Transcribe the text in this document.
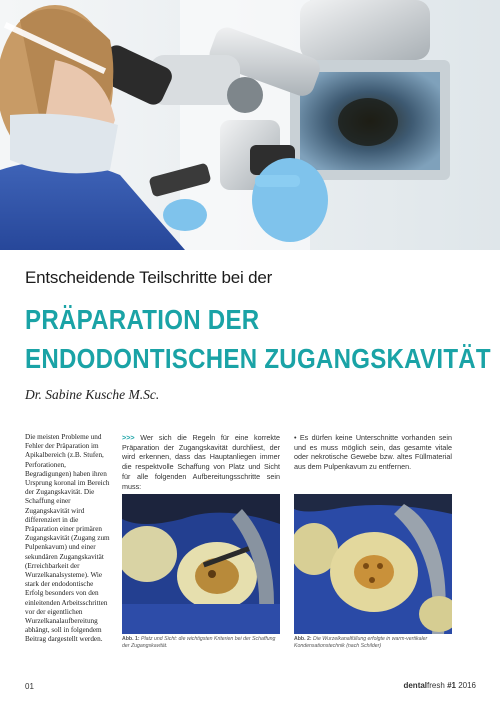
Entscheidende Teilschritte bei der
PRÄPARATION DER
ENDODONTISCHEN ZUGANGSKAVITÄT
Dr. Sabine Kusche M.Sc.
Die meisten Probleme und Fehler der Präparation im Apikalbereich (z.B. Stufen, Perforationen, Begradigungen) haben ihren Ursprung koronal im Bereich der Zugangskavität. Die Schaffung einer Zugangskavität wird differenziert in die Präparation einer primären Zugangskavität (Zugang zum Pulpenkavum) und einer sekundären Zugangskavität (Erreichbarkeit der Wurzelkanalsysteme). Wie stark der endodontische Erfolg besonders von den einleitenden Arbeitsschritten vor der eigentlichen Wurzelkanalaufbereitung abhängt, soll in folgendem Beitrag dargestellt werden.
>>> Wer sich die Regeln für eine korrekte Präparation der Zugangskavität durchliest, der wird erkennen, dass das Hauptanliegen immer die respektvolle Schaffung von Platz und Sicht für alle folgenden Aufbereitungsschritte sein muss:
• Es dürfen keine Unterschnitte vorhanden sein und es muss möglich sein, das gesamte vitale oder nekrotische Gewebe bzw. altes Füllmaterial aus dem Pulpenkavum zu entfernen.
Abb. 1: Platz und Sicht: die wichtigsten Kriterien bei der Schaffung der Zugangskavität.
Abb. 2: Die Wurzelkanalfüllung erfolgte in warm-vertikaler Kondensationstechnik (nach Schilder)
01	dentalfresh #1 2016
